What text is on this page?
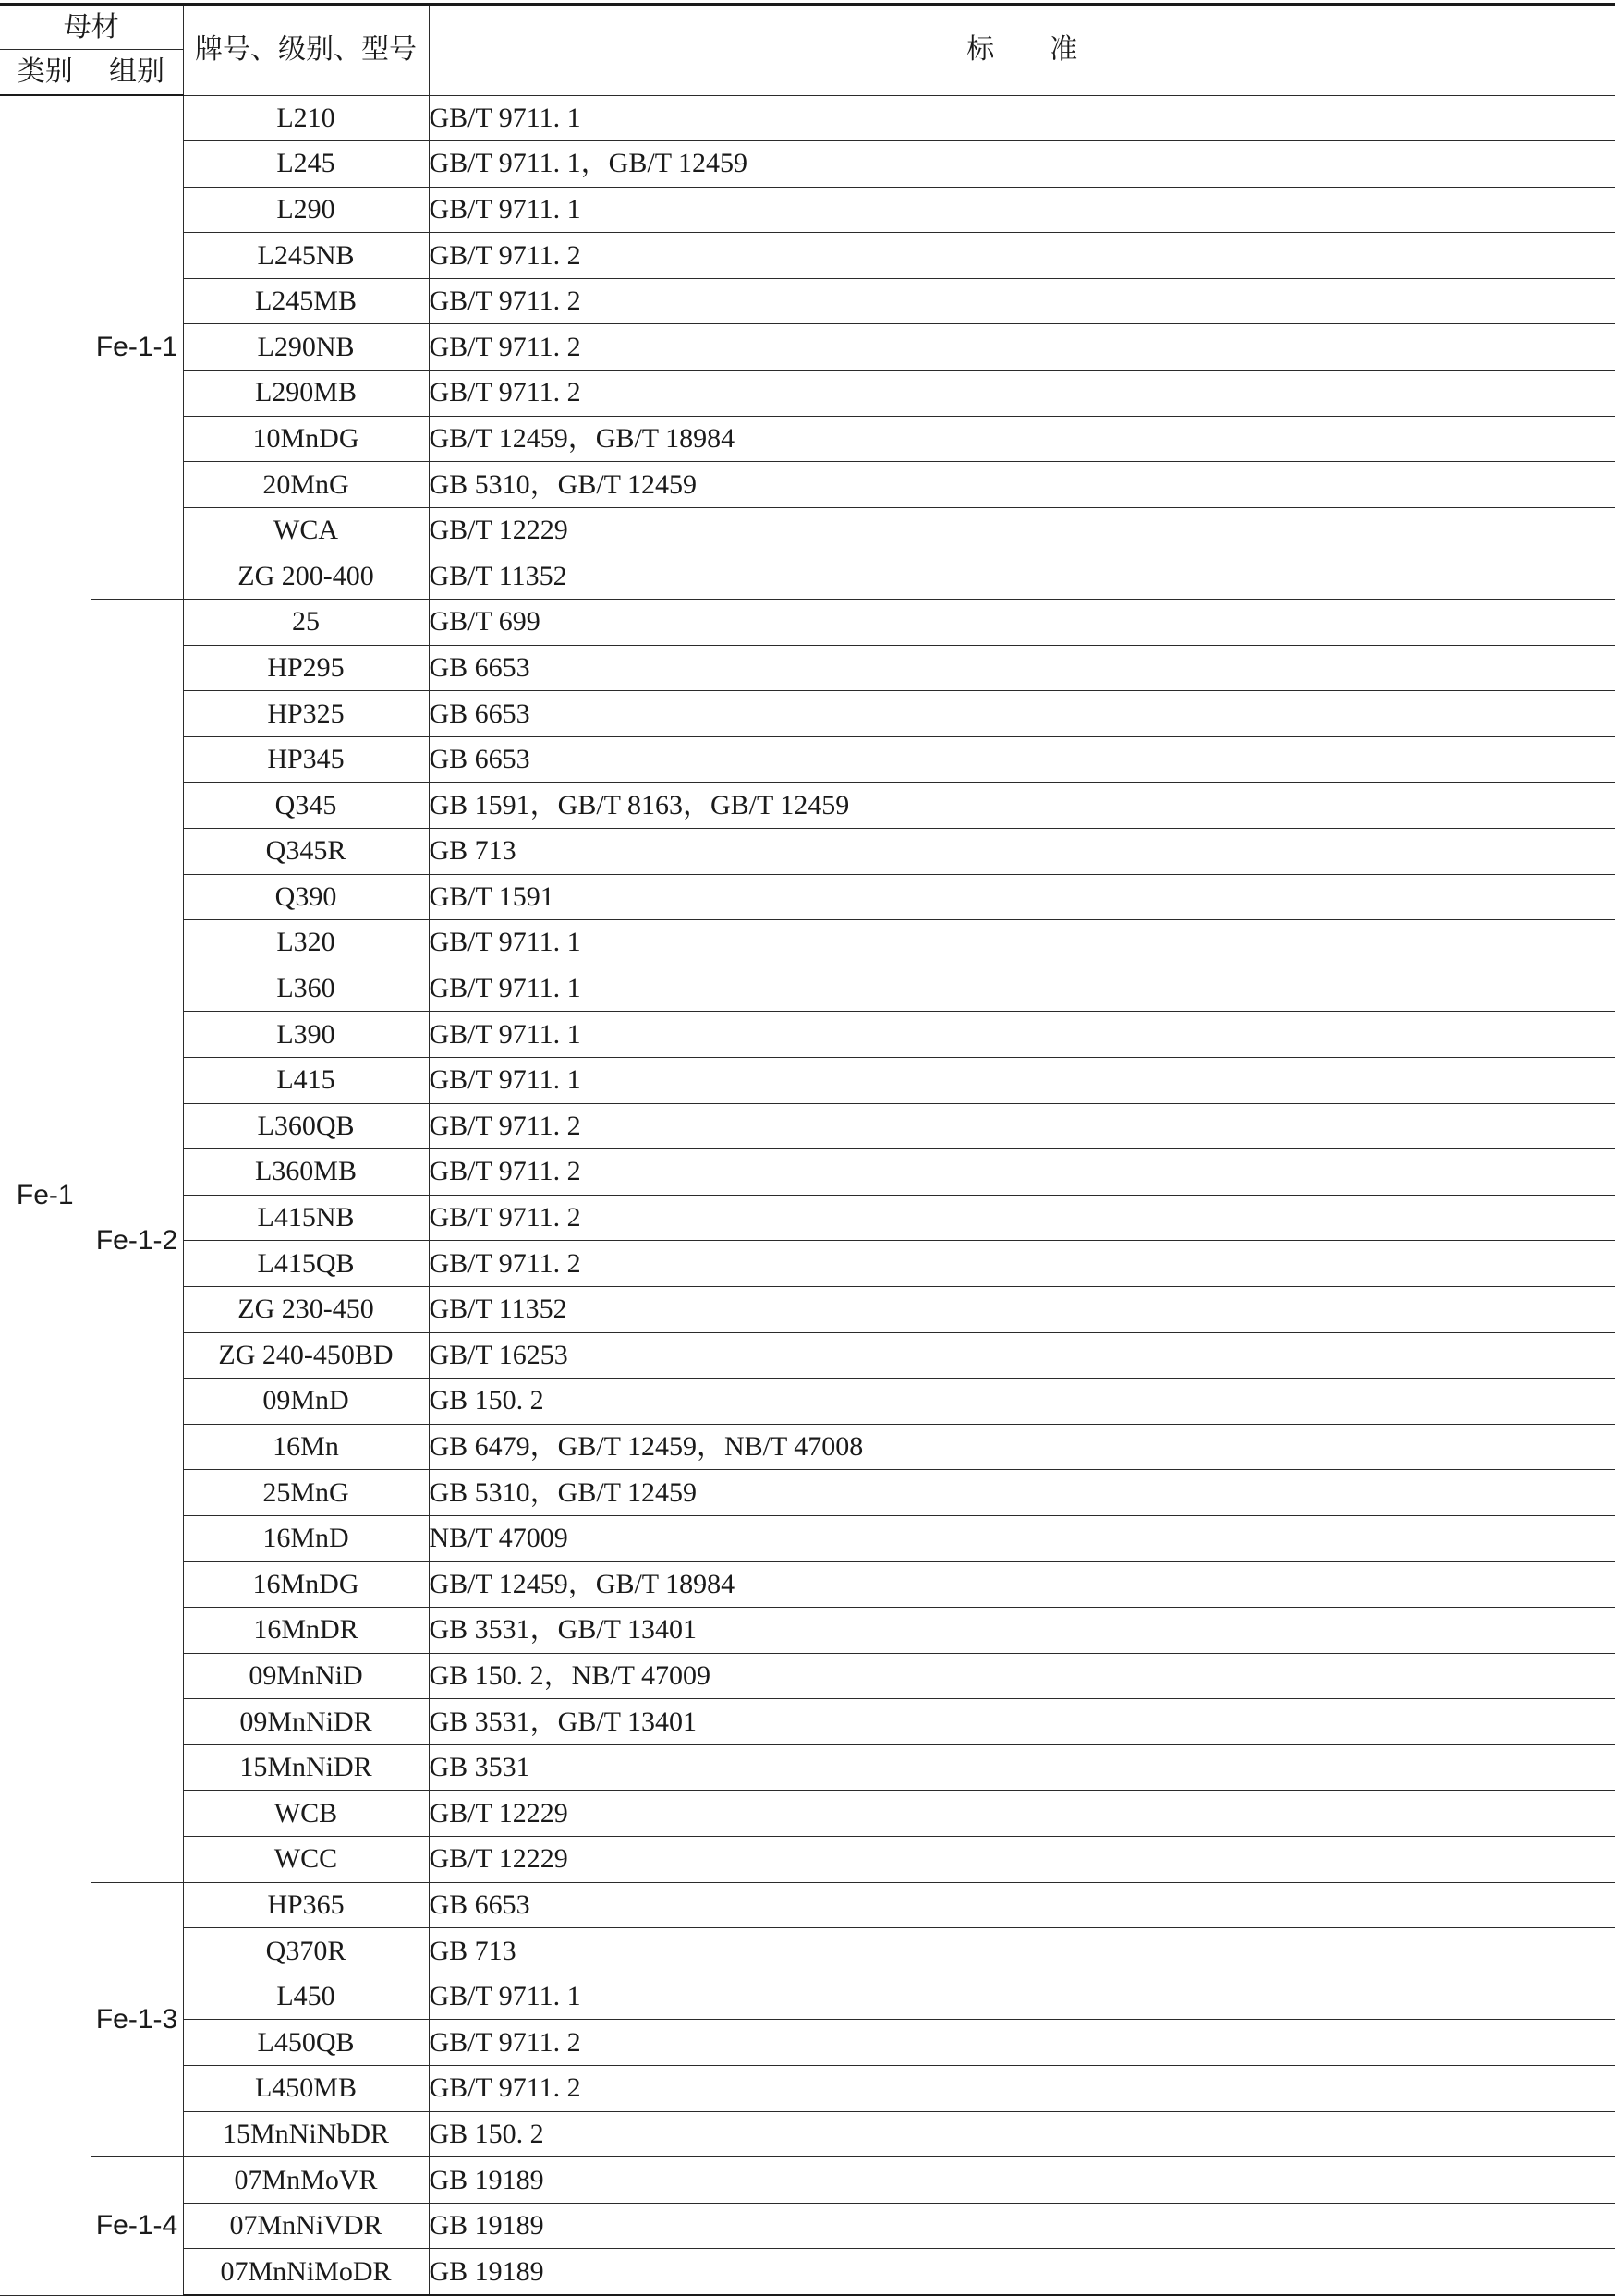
母材		牌号、级别、型号	标 准
类别	组别		
Fe-1	Fe-1-1	L210	GB/T 9711. 1
		L245	GB/T 9711. 1，GB/T 12459
		L290	GB/T 9711. 1
		L245NB	GB/T 9711. 2
		L245MB	GB/T 9711. 2
		L290NB	GB/T 9711. 2
		L290MB	GB/T 9711. 2
		10MnDG	GB/T 12459，GB/T 18984
		20MnG	GB 5310，GB/T 12459
		WCA	GB/T 12229
		ZG 200-400	GB/T 11352
	Fe-1-2	25	GB/T 699
		HP295	GB 6653
		HP325	GB 6653
		HP345	GB 6653
		Q345	GB 1591，GB/T 8163，GB/T 12459
		Q345R	GB 713
		Q390	GB/T 1591
		L320	GB/T 9711. 1
		L360	GB/T 9711. 1
		L390	GB/T 9711. 1
		L415	GB/T 9711. 1
		L360QB	GB/T 9711. 2
		L360MB	GB/T 9711. 2
		L415NB	GB/T 9711. 2
		L415QB	GB/T 9711. 2
		ZG 230-450	GB/T 11352
		ZG 240-450BD	GB/T 16253
		09MnD	GB 150. 2
		16Mn	GB 6479，GB/T 12459，NB/T 47008
		25MnG	GB 5310，GB/T 12459
		16MnD	NB/T 47009
		16MnDG	GB/T 12459，GB/T 18984
		16MnDR	GB 3531，GB/T 13401
		09MnNiD	GB 150. 2，NB/T 47009
		09MnNiDR	GB 3531，GB/T 13401
		15MnNiDR	GB 3531
		WCB	GB/T 12229
		WCC	GB/T 12229
	Fe-1-3	HP365	GB 6653
		Q370R	GB 713
		L450	GB/T 9711. 1
		L450QB	GB/T 9711. 2
		L450MB	GB/T 9711. 2
		15MnNiNbDR	GB 150. 2
	Fe-1-4	07MnMoVR	GB 19189
		07MnNiVDR	GB 19189
		07MnNiMoDR	GB 19189
